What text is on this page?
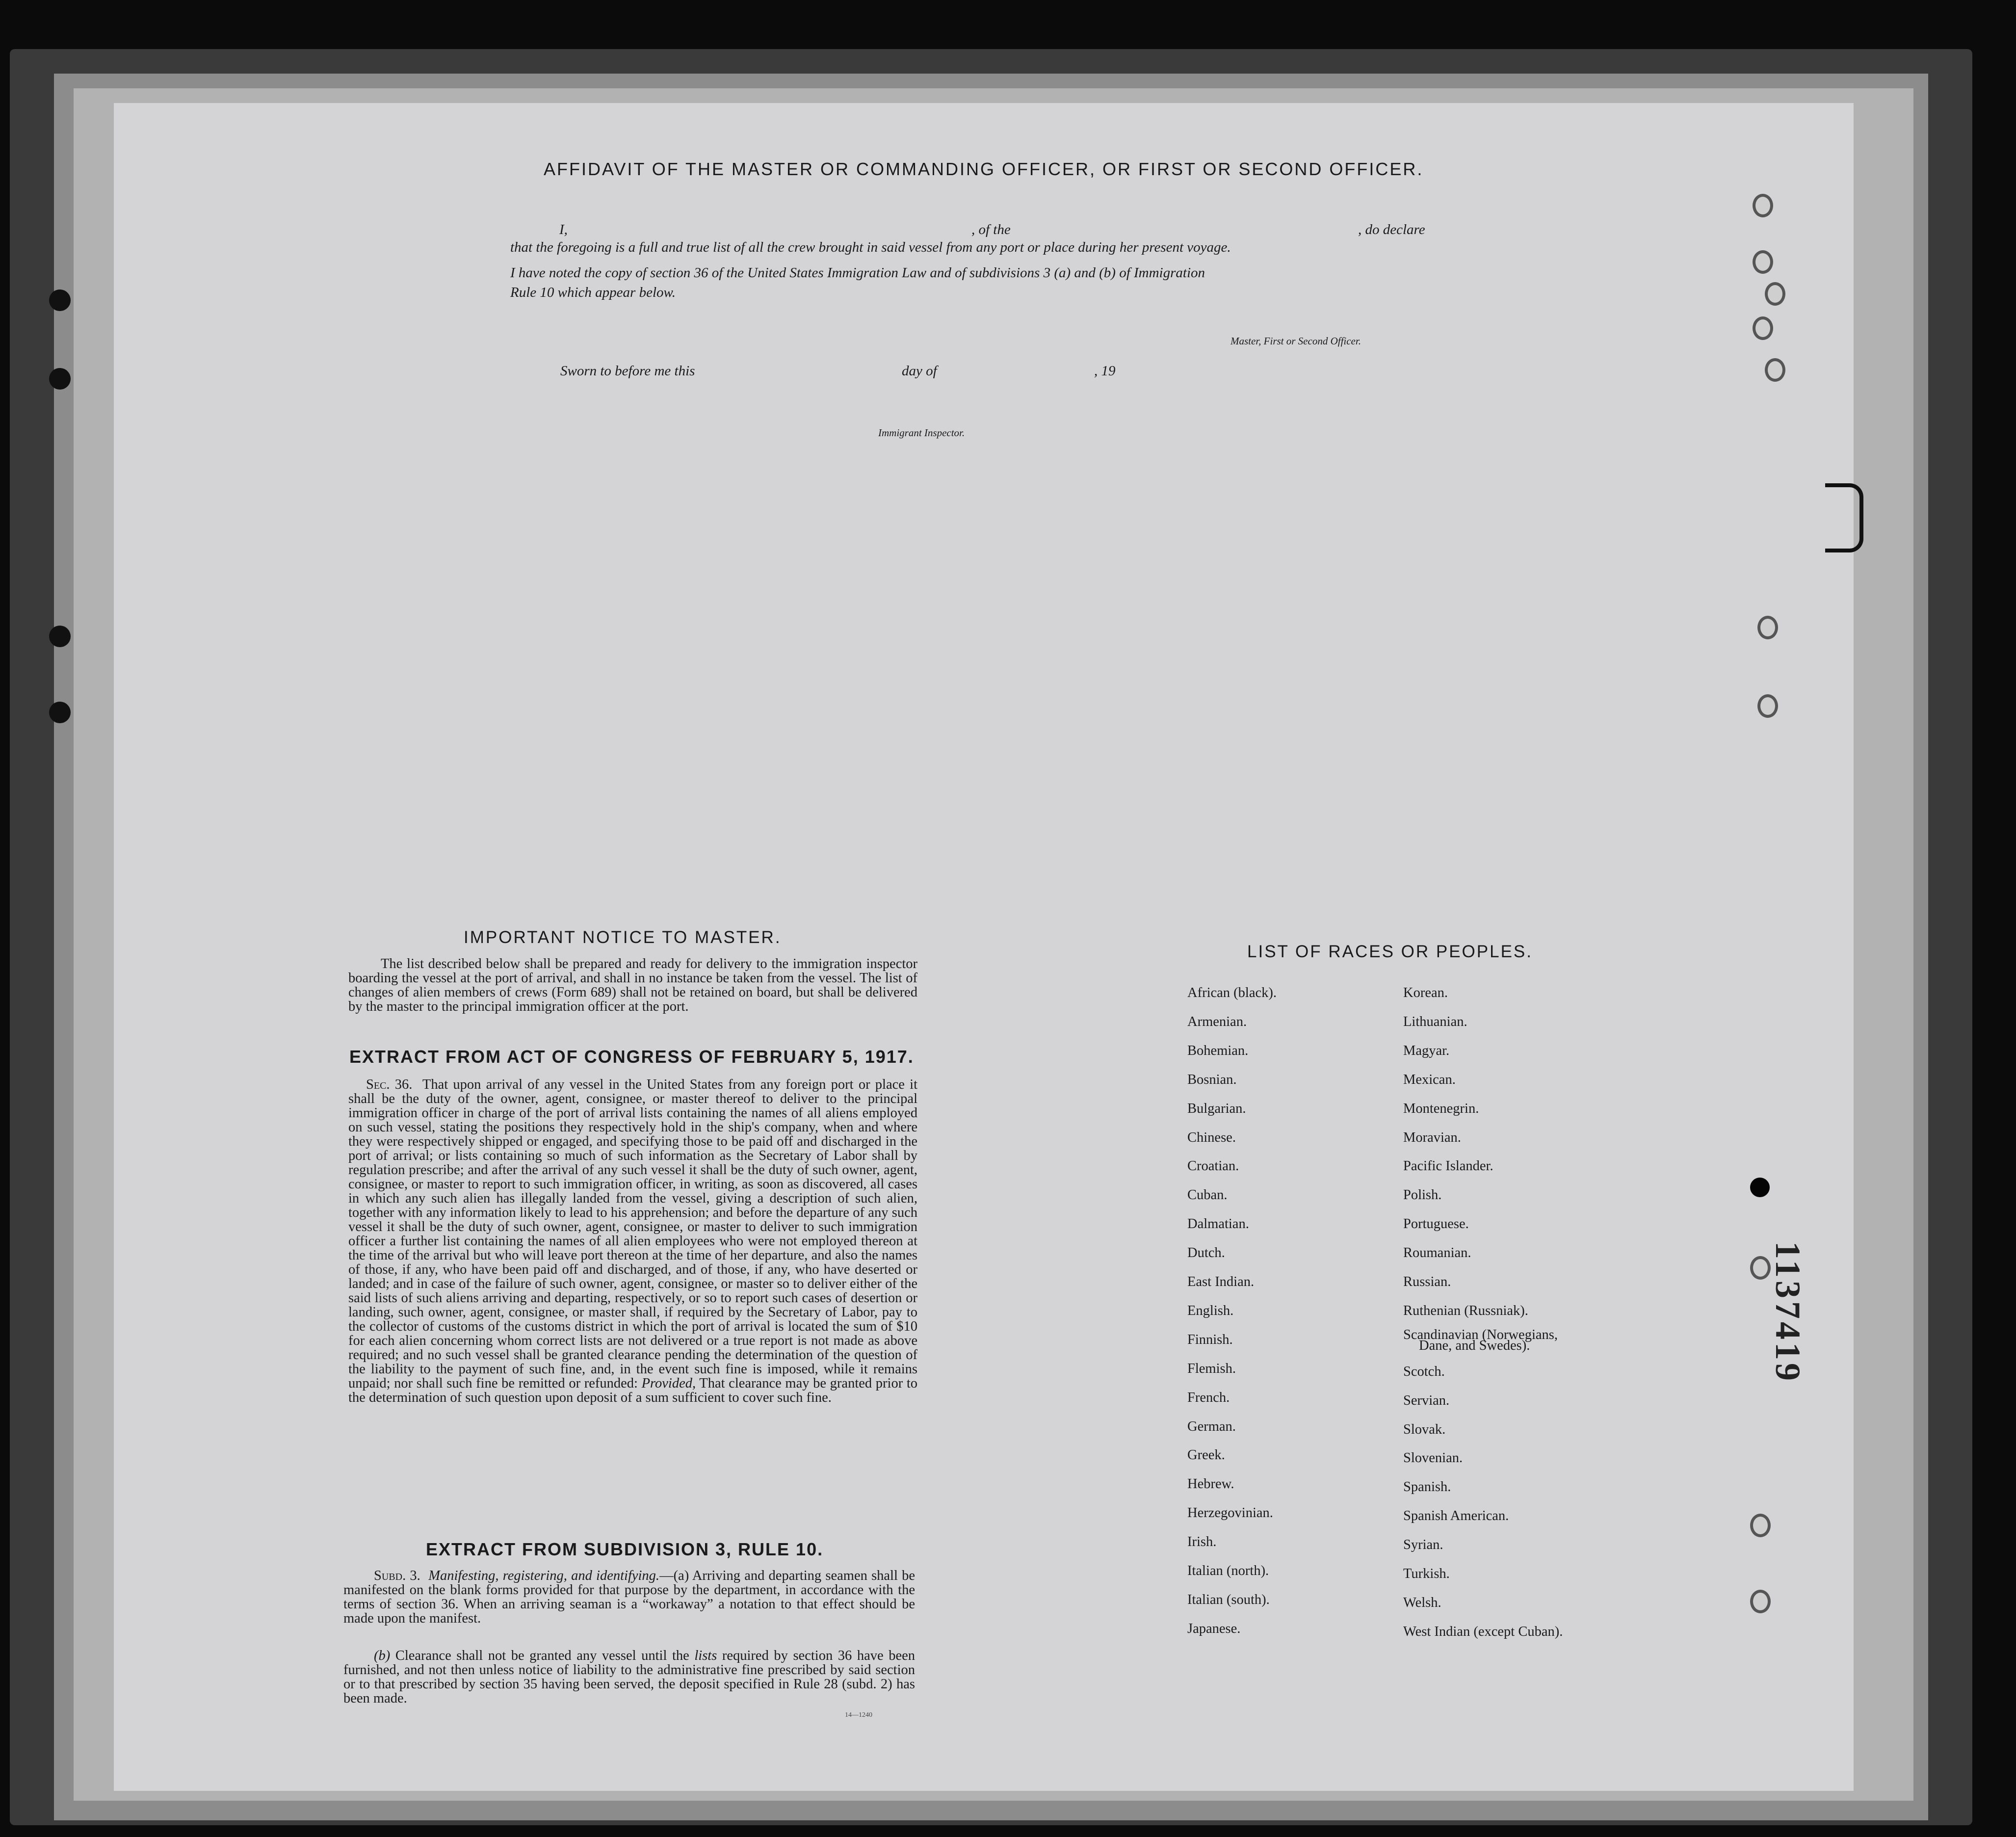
1137419
AFFIDAVIT OF THE MASTER OR COMMANDING OFFICER, OR FIRST OR SECOND OFFICER.
I,	, of the	, do declare
that the foregoing is a full and true list of all the crew brought in said vessel from any port or place during her present voyage.
I have noted the copy of section 36 of the United States Immigration Law and of subdivisions 3 (a) and (b) of Immigration
Rule 10 which appear below.
Master, First or Second Officer.
Sworn to before me this	day of	, 19
Immigrant Inspector.
IMPORTANT NOTICE TO MASTER.
The list described below shall be prepared and ready for delivery to the immigration inspector boarding the vessel at the port of arrival, and shall in no instance be taken from the vessel. The list of changes of alien members of crews (Form 689) shall not be retained on board, but shall be delivered by the master to the principal immigration officer at the port.
EXTRACT FROM ACT OF CONGRESS OF FEBRUARY 5, 1917.
Sec. 36. That upon arrival of any vessel in the United States from any foreign port or place it shall be the duty of the owner, agent, consignee, or master thereof to deliver to the principal immigration officer in charge of the port of arrival lists containing the names of all aliens employed on such vessel, stating the positions they respectively hold in the ship's company, when and where they were respectively shipped or engaged, and specifying those to be paid off and discharged in the port of arrival; or lists containing so much of such information as the Secretary of Labor shall by regulation prescribe; and after the arrival of any such vessel it shall be the duty of such owner, agent, consignee, or master to report to such immigration officer, in writing, as soon as discovered, all cases in which any such alien has illegally landed from the vessel, giving a description of such alien, together with any information likely to lead to his apprehension; and before the departure of any such vessel it shall be the duty of such owner, agent, consignee, or master to deliver to such immigration officer a further list containing the names of all alien employees who were not employed thereon at the time of the arrival but who will leave port thereon at the time of her departure, and also the names of those, if any, who have been paid off and discharged, and of those, if any, who have deserted or landed; and in case of the failure of such owner, agent, consignee, or master so to deliver either of the said lists of such aliens arriving and departing, respectively, or so to report such cases of desertion or landing, such owner, agent, consignee, or master shall, if required by the Secretary of Labor, pay to the collector of customs of the customs district in which the port of arrival is located the sum of $10 for each alien concerning whom correct lists are not delivered or a true report is not made as above required; and no such vessel shall be granted clearance pending the determination of the question of the liability to the payment of such fine, and, in the event such fine is imposed, while it remains unpaid; nor shall such fine be remitted or refunded: Provided, That clearance may be granted prior to the determination of such question upon deposit of a sum sufficient to cover such fine.
EXTRACT FROM SUBDIVISION 3, RULE 10.
Subd. 3. Manifesting, registering, and identifying.—(a) Arriving and departing seamen shall be manifested on the blank forms provided for that purpose by the department, in accordance with the terms of section 36. When an arriving seaman is a “workaway” a notation to that effect should be made upon the manifest.
(b) Clearance shall not be granted any vessel until the lists required by section 36 have been furnished, and not then unless notice of liability to the administrative fine prescribed by said section or to that prescribed by section 35 having been served, the deposit specified in Rule 28 (subd. 2) has been made.
14—1240
LIST OF RACES OR PEOPLES.
African (black).
Armenian.
Bohemian.
Bosnian.
Bulgarian.
Chinese.
Croatian.
Cuban.
Dalmatian.
Dutch.
East Indian.
English.
Finnish.
Flemish.
French.
German.
Greek.
Hebrew.
Herzegovinian.
Irish.
Italian (north).
Italian (south).
Japanese.
Korean.
Lithuanian.
Magyar.
Mexican.
Montenegrin.
Moravian.
Pacific Islander.
Polish.
Portuguese.
Roumanian.
Russian.
Ruthenian (Russniak).
Scandinavian (Norwegians,
Dane, and Swedes).
Scotch.
Servian.
Slovak.
Slovenian.
Spanish.
Spanish American.
Syrian.
Turkish.
Welsh.
West Indian (except Cuban).
